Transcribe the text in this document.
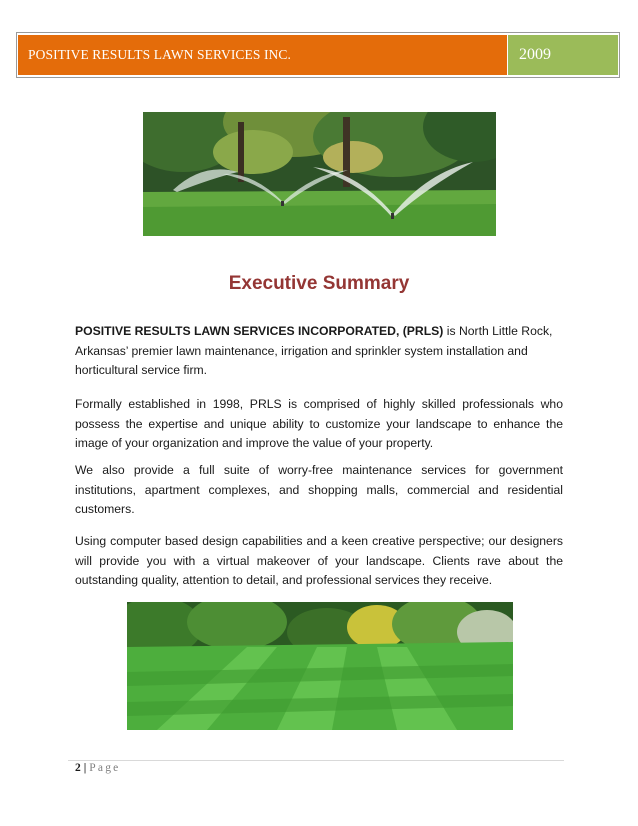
POSITIVE RESULTS LAWN SERVICES INC.	2009
Executive Summary

POSITIVE RESULTS LAWN SERVICES INCORPORATED, (PRLS) is North Little Rock, Arkansas’ premier lawn maintenance, irrigation and sprinkler system installation and horticultural service firm.

Formally established in 1998, PRLS is comprised of highly skilled professionals who possess the expertise and unique ability to customize your landscape to enhance the image of your organization and improve the value of your property.

We also provide a full suite of worry-free maintenance services for government institutions, apartment complexes, and shopping malls, commercial and residential customers.

Using computer based design capabilities and a keen creative perspective; our designers will provide you with a virtual makeover of your landscape. Clients rave about the outstanding quality, attention to detail, and professional services they receive.

2 | Page
